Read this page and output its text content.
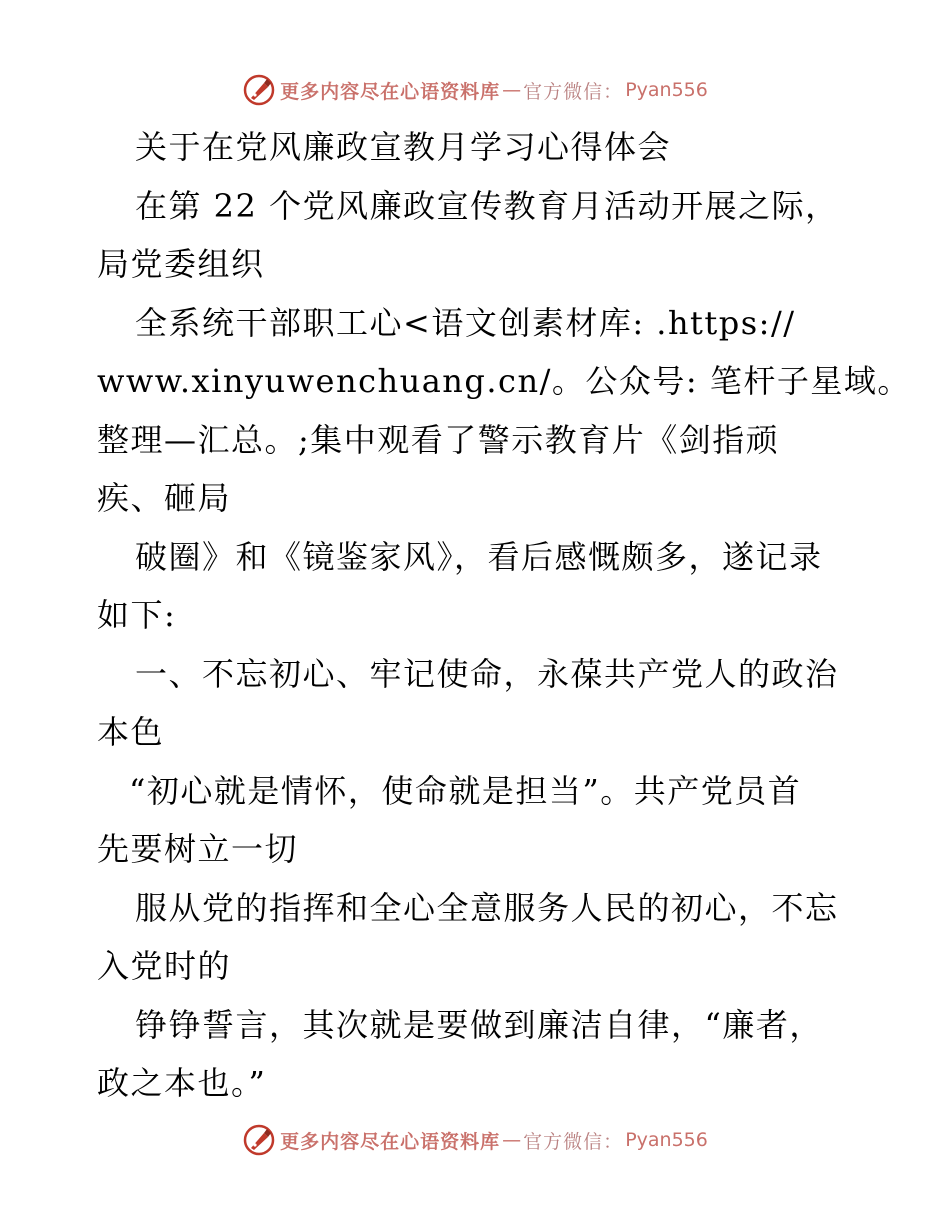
更多内容尽在心语资料库 — 官方微信： Pyan556
关于在党风廉政宣教月学习心得体会
在第 22 个党风廉政宣传教育月活动开展之际，
局党委组织
全系统干部职工心<语文创素材库: .https://
www.xinyuwenchuang.cn/。公众号: 笔杆子星域。
整理—汇总。;集中观看了警示教育片《剑指顽
疾、砸局
破圈》和《镜鉴家风》，看后感慨颇多，遂记录
如下:
一、不忘初心、牢记使命，永葆共产党人的政治
本色
“初心就是情怀，使命就是担当”。共产党员首
先要树立一切
服从党的指挥和全心全意服务人民的初心，不忘
入党时的
铮铮誓言，其次就是要做到廉洁自律，“廉者，
政之本也。”
更多内容尽在心语资料库 — 官方微信： Pyan556
